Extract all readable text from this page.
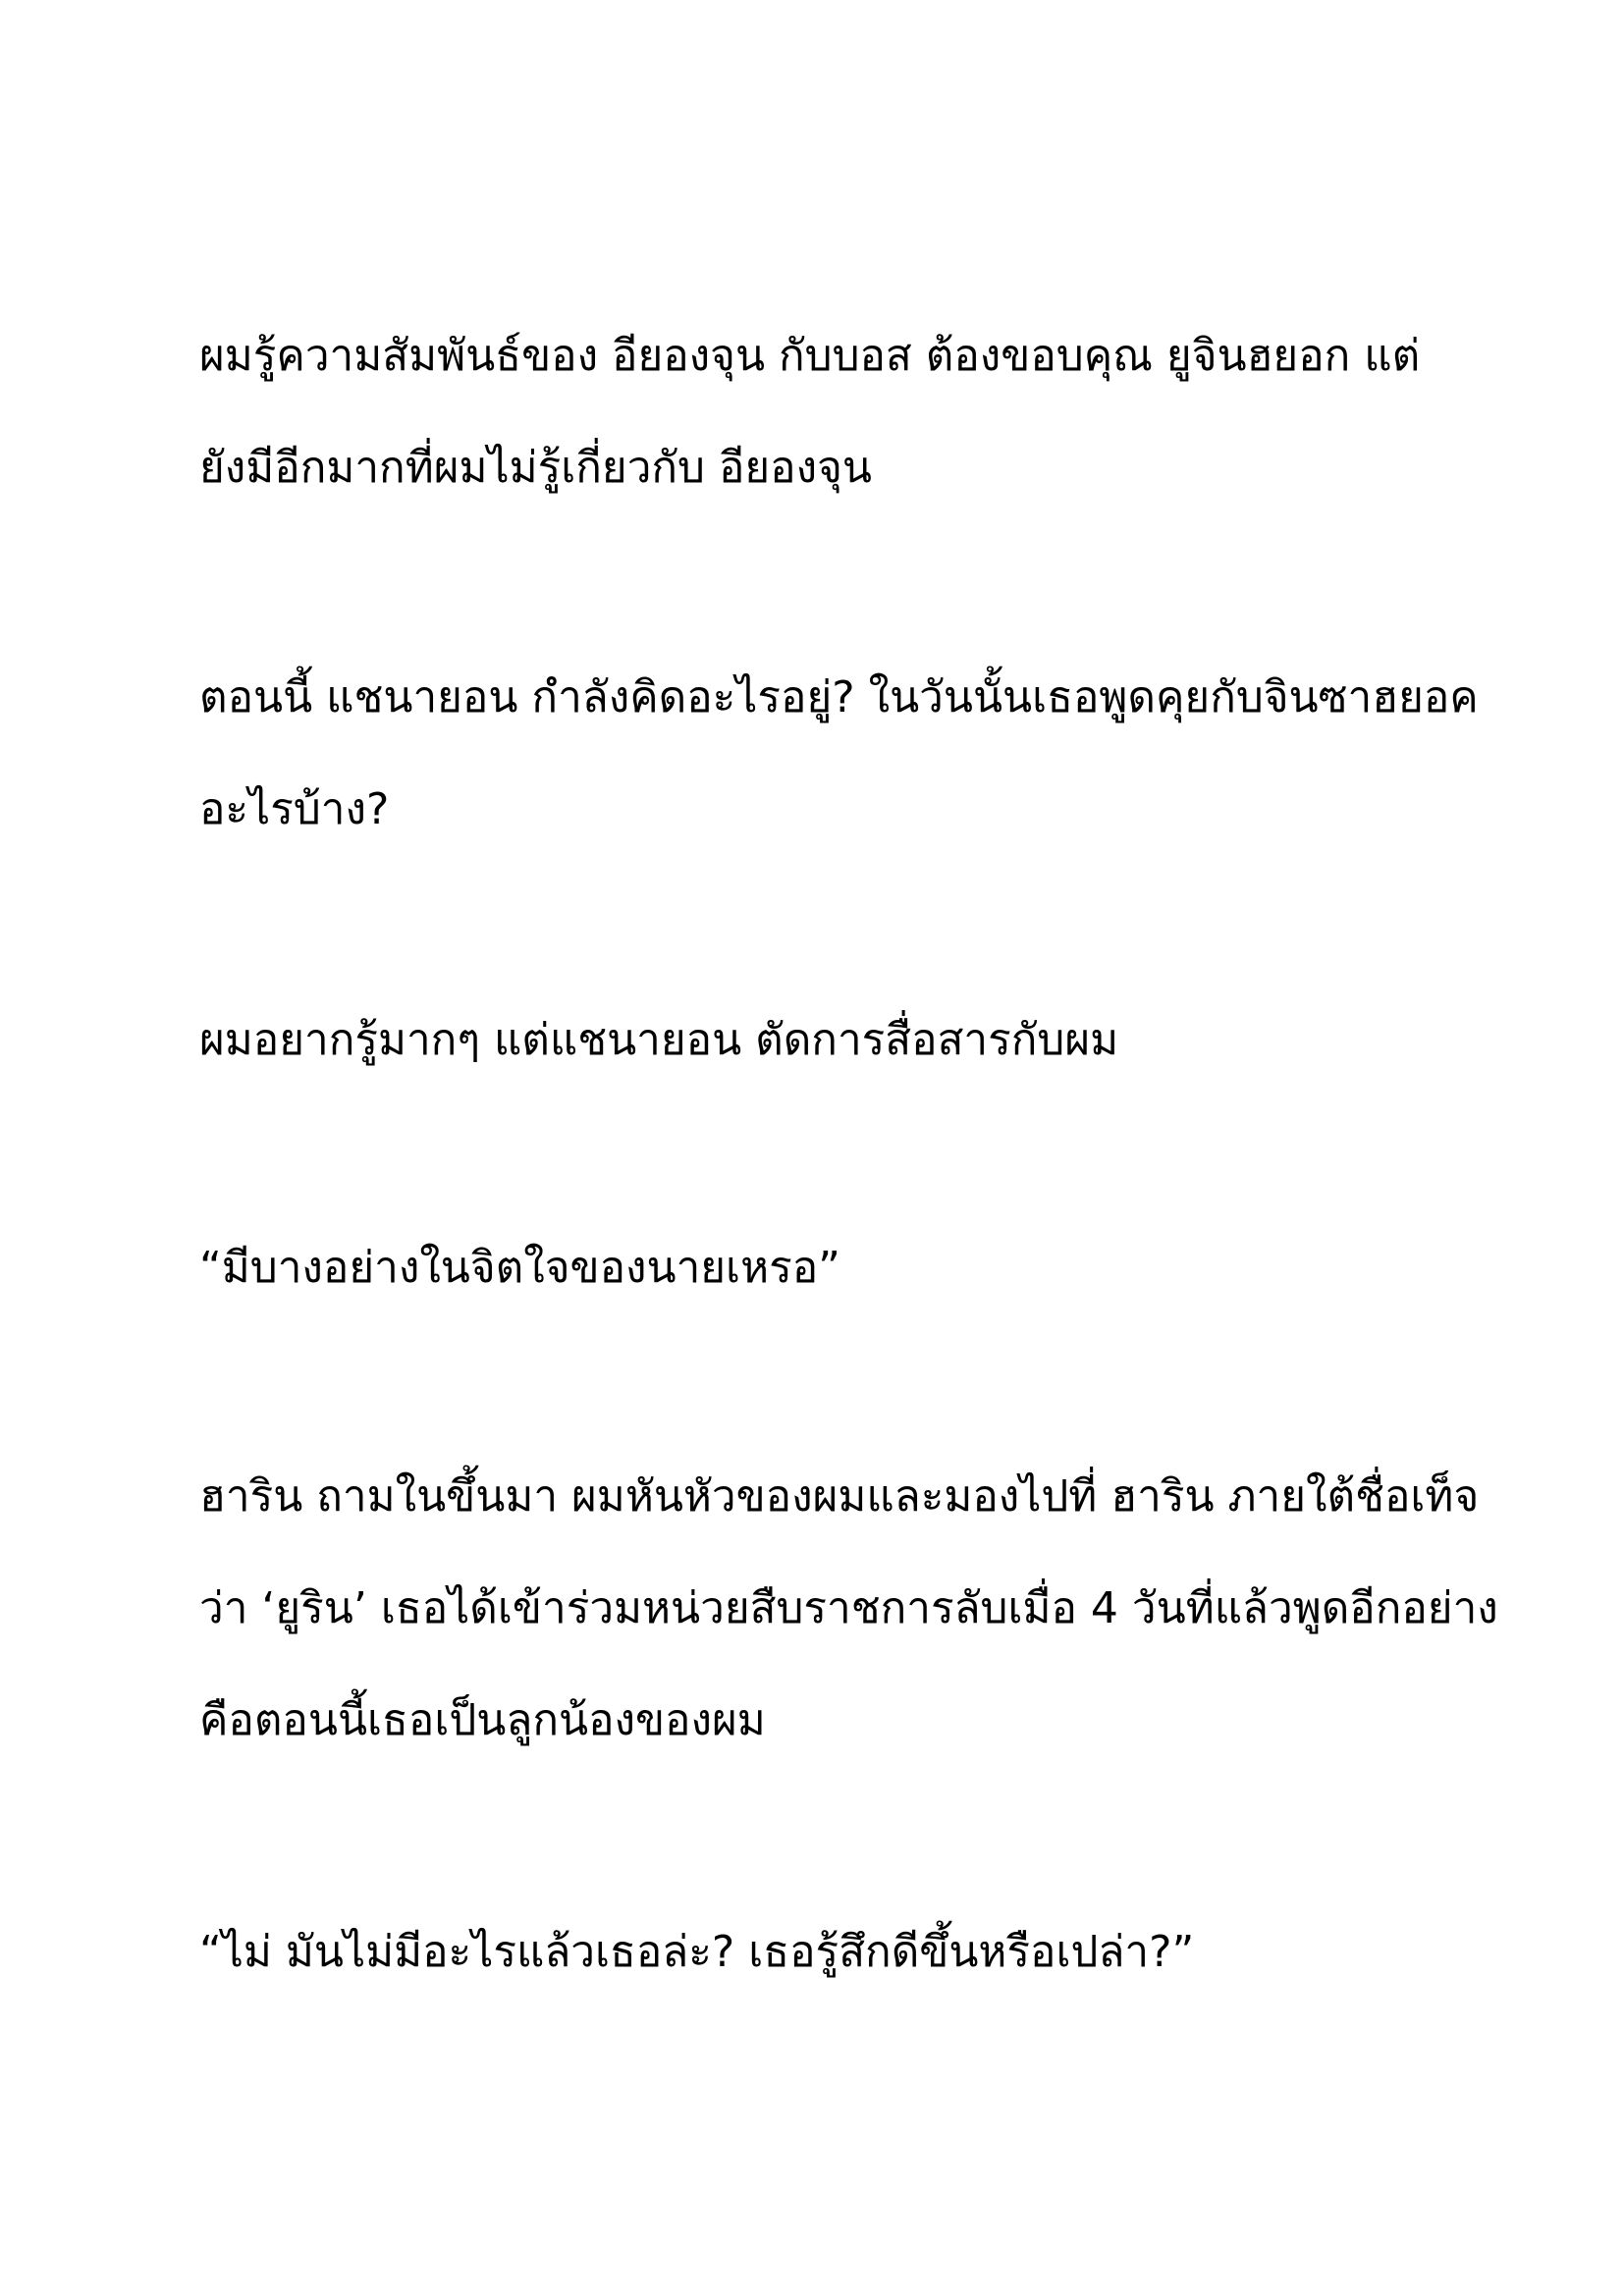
ผมรู้ความสัมพันธ์ของ อียองจุน กับบอส ต้องขอบคุณ ยูจินฮยอก แต่
ยังมีอีกมากที่ผมไม่รู้เกี่ยวกับ อียองจุน
ตอนนี้ แชนายอน กำลังคิดอะไรอยู่? ในวันนั้นเธอพูดคุยกับจินซาฮยอค
อะไรบ้าง?
ผมอยากรู้มากๆ แต่แชนายอน ตัดการสื่อสารกับผม
“มีบางอย่างในจิตใจของนายเหรอ”
ฮาริน ถามในขึ้นมา ผมหันหัวของผมและมองไปที่ ฮาริน ภายใต้ชื่อเท็จ
ว่า ‘ยูริน’ เธอได้เข้าร่วมหน่วยสืบราชการลับเมื่อ 4 วันที่แล้วพูดอีกอย่าง
คือตอนนี้เธอเป็นลูกน้องของผม
“ไม่ มันไม่มีอะไรแล้วเธอล่ะ? เธอรู้สึกดีขึ้นหรือเปล่า?”
